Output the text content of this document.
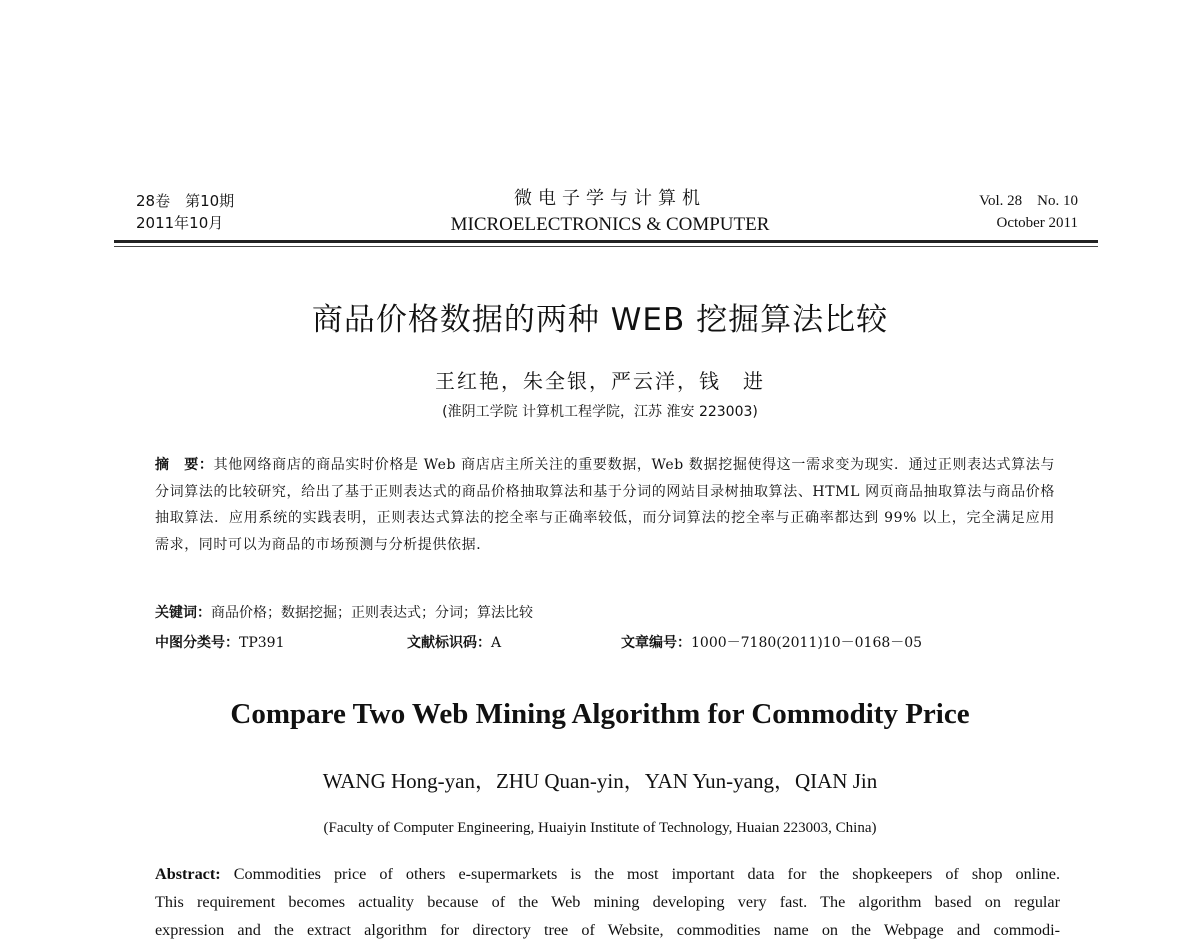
28卷　第10期
2011年10月
微电子学与计算机
MICROELECTRONICS & COMPUTER
Vol. 28　No. 10
October 2011
商品价格数据的两种 WEB 挖掘算法比较
王红艳，朱全银，严云洋，钱　进
(淮阴工学院 计算机工程学院，江苏 淮安 223003)
摘　要：其他网络商店的商品实时价格是 Web 商店店主所关注的重要数据，Web 数据挖掘使得这一需求变为现实．通过正则表达式算法与分词算法的比较研究，给出了基于正则表达式的商品价格抽取算法和基于分词的网站目录树抽取算法、HTML 网页商品抽取算法与商品价格抽取算法．应用系统的实践表明，正则表达式算法的挖全率与正确率较低，而分词算法的挖全率与正确率都达到 99% 以上，完全满足应用需求，同时可以为商品的市场预测与分析提供依据．
关键词：商品价格；数据挖掘；正则表达式；分词；算法比较
中图分类号：TP391	文献标识码：A	文章编号：1000－7180(2011)10－0168－05
Compare Two Web Mining Algorithm for Commodity Price
WANG Hong-yan，ZHU Quan-yin，YAN Yun-yang，QIAN Jin
(Faculty of Computer Engineering, Huaiyin Institute of Technology, Huaian 223003, China)
Abstract: Commodities price of others e-supermarkets is the most important data for the shopkeepers of shop online.
This requirement becomes actuality because of the Web mining developing very fast. The algorithm based on regular
expression and the extract algorithm for directory tree of Website, commodities name on the Webpage and commodi-
